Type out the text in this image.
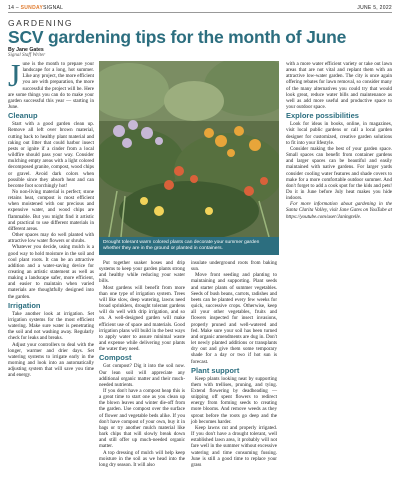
14 – SUNDAYSIGNAL	JUNE 5, 2022
GARDENING
SCV gardening tips for the month of June
By Jane Gates
Signal Staff Writer

June is the month to prepare your landscape for a long, hot summer. Like any project, the more efficient you are with preparation, the more successful the project will be. Here are some things you can do to make your garden successful this year — starting in June.

Cleanup

Start with a good garden clean up. Remove all left over brown material, cutting back to healthy plant material and raking out litter that could harbor insect pests or ignite if a cinder from a local wildfire should pass your way. Consider mulching empty areas with a light colored decomposed granite, compost, wood chips or gravel. Avoid dark colors when possible since they absorb heat and can become foot scorchingly hot!

No non-living material is perfect; stone retains heat, compost is most efficient when moistened with our precious and expensive water, and wood chips are flammable. But you might find it artistic and practical to use different materials in different areas.

Other spaces may do well planted with attractive low water flowers or shrubs.

Whatever you decide, using mulch is a good way to hold moisture in the soil and cool plant roots. It can be an attractive addition and a water-saving device for creating an artistic statement as well as making a landscape safer, more efficient, and easier to maintain when varied materials are thoughtfully designed into the garden.

Irrigation

Take another look at irrigation. Set irrigation systems for the most efficient watering. Make sure water is penetrating the soil and not washing away. Regularly check for leaks and breaks.

Adjust your controllers to deal with the longer, warmer and drier days. Set watering systems to irrigate early in the morning and look into an automatically adjusting system that will save you time and energy.

Drought tolerant warm colored plants can decorate your summer garden whether they are in the ground or planted in containers.

Put together soaker hoses and drip systems to keep your garden plants strong and healthy while reducing your water bills.

Most gardens will benefit from more than one type of irrigation system. Trees will like slow, deep watering, lawns need broad sprinklers, drought tolerant gardens will do well with drip irrigation, and so on. A well-designed garden will make efficient use of space and materials. Good irrigation plans will build in the best ways to apply water to assure minimal waste and expense while delivering your plants the water they need.

Compost

Got compost? Dig it into the soil now. Our lean soil will appreciate any additional organic matter and their much-needed nutrients.

If you don't have a compost heap this is a great time to start one as you clean up the blown leaves and winter die-off from the garden. Use compost over the surface of flower and vegetable beds alike. If you don't have compost of your own, buy it in bags or try another mulch material like bark chips that will slowly break down and still offer up much-needed organic matter.

A top dressing of mulch will help keep moisture in the soil as we head into the long dry season. It will also

insulate underground roots from baking sun.

Move front seeding and planting to maintaining and supporting. Plant seeds and starter plants of summer vegetables. Seeds of bush beans, carrots, radishes and beets can be planted every few weeks for quick, successive crops. Otherwise, keep all your other vegetables, fruits and flowers inspected for insect invasions, properly pruned and well-watered and fed. Make sure your soil has been turned and organic amendments are dug in. Don't let newly planted additions or transplants dry out and give them some temporary shade for a day or two if hot sun is forecast.

Plant support

Keep plants looking neat by supporting them with trellises, pruning, and tying. Extend flowering by deadheading — snipping off spent flowers to redirect energy from forming seeds to creating more blooms. And remove weeds as they sprout before the roots go deep and the job becomes harder.

Keep lawns cut and properly irrigated. If you don't have a drought tolerant, well established lawn area, it probably will not fare well in the summer without excessive watering and time consuming fussing. June is still a good time to replace your grass

with a more water efficient variety or take out lawn areas that are not vital and replant them with an attractive low-water garden. The city is once again offering rebates for lawn removal, so consider many of the many alternatives you could try that would look great, reduce water bills and maintenance as well as add more useful and productive space to your outdoor space.

Explore possibilities

Look for ideas in books, online, in magazines, visit local public gardens or call a local garden designer for customized, creative garden solutions to fit into your lifestyle.

Consider making the best of your garden space. Small spaces can benefit from container gardens and larger spaces can be beautiful and easily maintained with native gardens. For larger yards consider cooling water features and shade covers to make for a more comfortable outdoor summer. And don't forget to add a cook spot for the kids and pets! Do it in June before July heat makes you hide indoors.

For more information about gardening in the Santa Clarita Valley, visit Jane Gates on YouTube at https://youtube.com/user/Janingtelle.
